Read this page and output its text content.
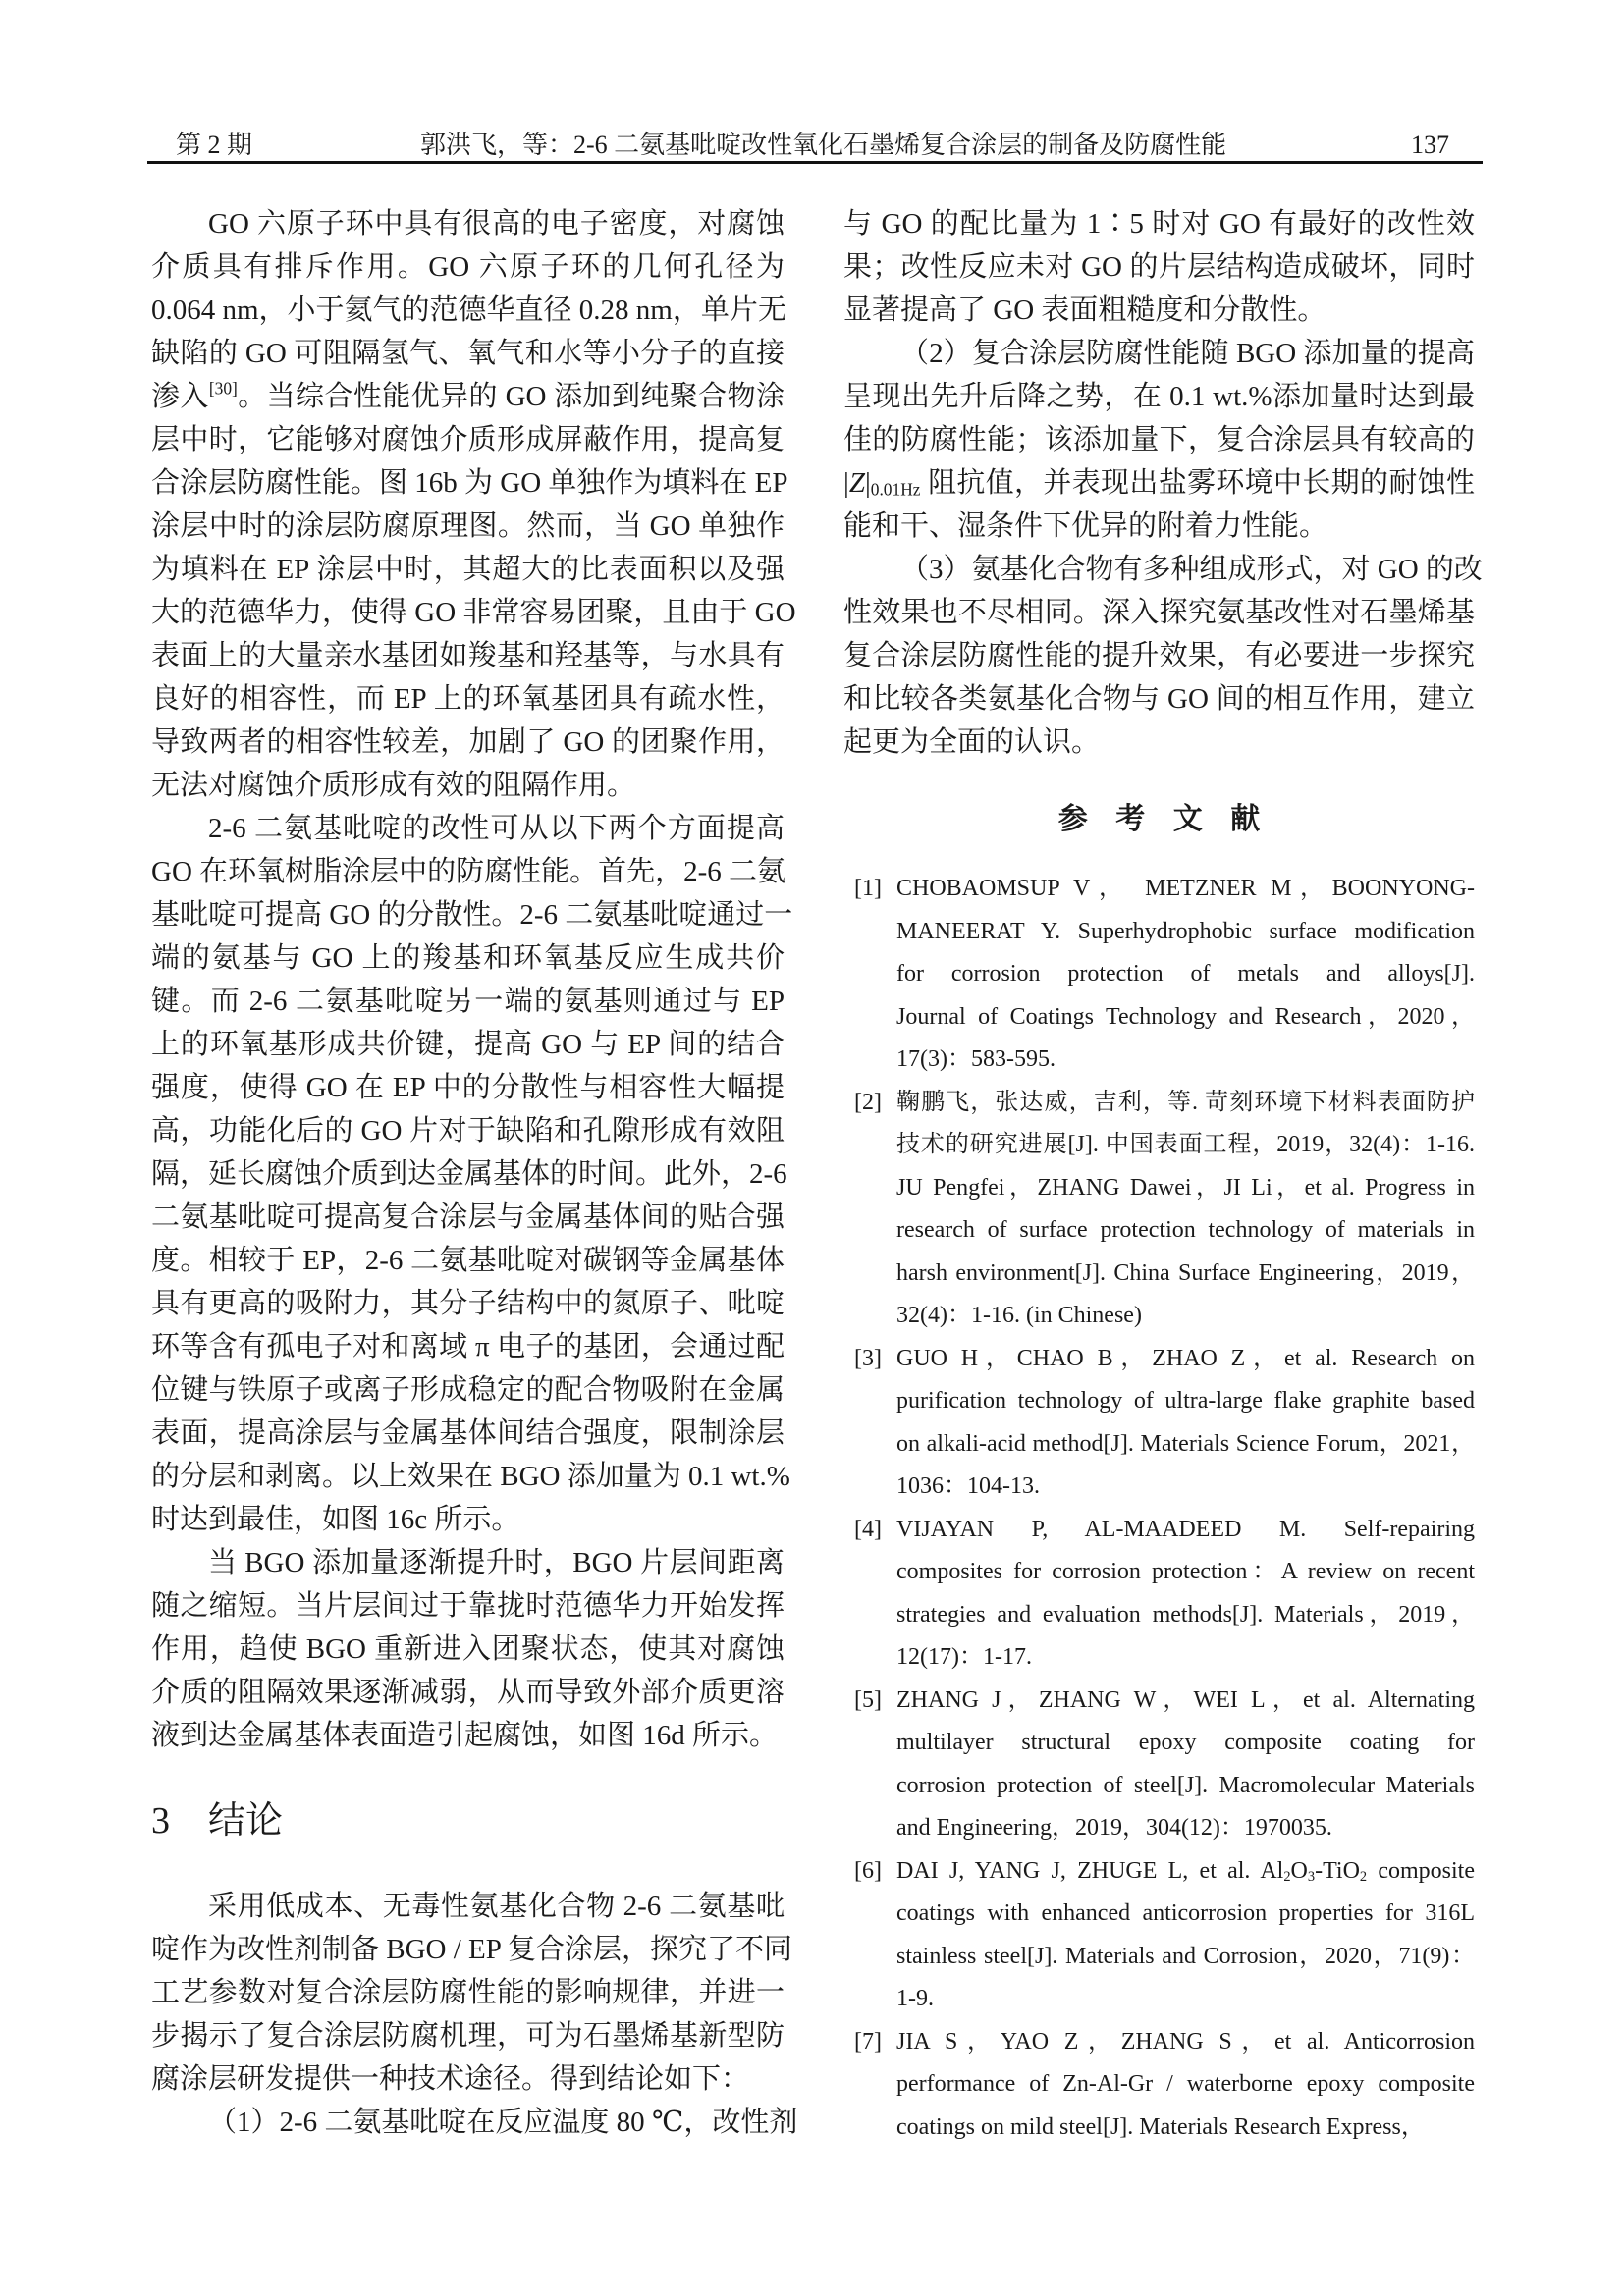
第 2 期	郭洪飞，等：2-6 二氨基吡啶改性氧化石墨烯复合涂层的制备及防腐性能	137
GO 六原子环中具有很高的电子密度，对腐蚀
介质具有排斥作用。GO 六原子环的几何孔径为
0.064 nm，小于氦气的范德华直径 0.28 nm，单片无
缺陷的 GO 可阻隔氢气、氧气和水等小分子的直接
渗入[30]。当综合性能优异的 GO 添加到纯聚合物涂
层中时，它能够对腐蚀介质形成屏蔽作用，提高复
合涂层防腐性能。图 16b 为 GO 单独作为填料在 EP
涂层中时的涂层防腐原理图。然而，当 GO 单独作
为填料在 EP 涂层中时，其超大的比表面积以及强
大的范德华力，使得 GO 非常容易团聚，且由于 GO
表面上的大量亲水基团如羧基和羟基等，与水具有
良好的相容性，而 EP 上的环氧基团具有疏水性，
导致两者的相容性较差，加剧了 GO 的团聚作用，
无法对腐蚀介质形成有效的阻隔作用。
2-6 二氨基吡啶的改性可从以下两个方面提高
GO 在环氧树脂涂层中的防腐性能。首先，2-6 二氨
基吡啶可提高 GO 的分散性。2-6 二氨基吡啶通过一
端的氨基与 GO 上的羧基和环氧基反应生成共价
键。而 2-6 二氨基吡啶另一端的氨基则通过与 EP
上的环氧基形成共价键，提高 GO 与 EP 间的结合
强度，使得 GO 在 EP 中的分散性与相容性大幅提
高，功能化后的 GO 片对于缺陷和孔隙形成有效阻
隔，延长腐蚀介质到达金属基体的时间。此外，2-6
二氨基吡啶可提高复合涂层与金属基体间的贴合强
度。相较于 EP，2-6 二氨基吡啶对碳钢等金属基体
具有更高的吸附力，其分子结构中的氮原子、吡啶
环等含有孤电子对和离域 π 电子的基团，会通过配
位键与铁原子或离子形成稳定的配合物吸附在金属
表面，提高涂层与金属基体间结合强度，限制涂层
的分层和剥离。以上效果在 BGO 添加量为 0.1 wt.%
时达到最佳，如图 16c 所示。
当 BGO 添加量逐渐提升时，BGO 片层间距离
随之缩短。当片层间过于靠拢时范德华力开始发挥
作用，趋使 BGO 重新进入团聚状态，使其对腐蚀
介质的阻隔效果逐渐减弱，从而导致外部介质更溶
液到达金属基体表面造引起腐蚀，如图 16d 所示。
3 结论
采用低成本、无毒性氨基化合物 2-6 二氨基吡
啶作为改性剂制备 BGO / EP 复合涂层，探究了不同
工艺参数对复合涂层防腐性能的影响规律，并进一
步揭示了复合涂层防腐机理，可为石墨烯基新型防
腐涂层研发提供一种技术途径。得到结论如下：
（1）2-6 二氨基吡啶在反应温度 80 ℃，改性剂
与 GO 的配比量为 1∶5 时对 GO 有最好的改性效
果；改性反应未对 GO 的片层结构造成破坏，同时
显著提高了 GO 表面粗糙度和分散性。
（2）复合涂层防腐性能随 BGO 添加量的提高
呈现出先升后降之势，在 0.1 wt.%添加量时达到最
佳的防腐性能；该添加量下，复合涂层具有较高的
$|Z|_{0.01Hz}$ 阻抗值，并表现出盐雾环境中长期的耐蚀性
能和干、湿条件下优异的附着力性能。
（3）氨基化合物有多种组成形式，对 GO 的改
性效果也不尽相同。深入探究氨基改性对石墨烯基
复合涂层防腐性能的提升效果，有必要进一步探究
和比较各类氨基化合物与 GO 间的相互作用，建立
起更为全面的认识。
参考文献
[1] CHOBAOMSUP V， METZNER M，BOONYONG-
MANEERAT Y. Superhydrophobic surface modification
for corrosion protection of metals and alloys[J].
Journal of Coatings Technology and Research，2020，
17(3)：583-595.
[2] 鞠鹏飞，张达威，吉利，等. 苛刻环境下材料表面防护
技术的研究进展[J]. 中国表面工程，2019，32(4)：1-16.
JU Pengfei，ZHANG Dawei，JI Li，et al. Progress in
research of surface protection technology of materials in
harsh environment[J]. China Surface Engineering，2019，
32(4)：1-16. (in Chinese)
[3] GUO H，CHAO B，ZHAO Z，et al. Research on
purification technology of ultra-large flake graphite based
on alkali-acid method[J]. Materials Science Forum，2021，
1036：104-13.
[4] VIJAYAN P, AL-MAADEED M. Self-repairing
composites for corrosion protection：A review on recent
strategies and evaluation methods[J]. Materials，2019，
12(17)：1-17.
[5] ZHANG J，ZHANG W，WEI L，et al. Alternating
multilayer structural epoxy composite coating for
corrosion protection of steel[J]. Macromolecular Materials
and Engineering，2019，304(12)：1970035.
[6] DAI J, YANG J, ZHUGE L, et al. $Al_2O_3-TiO_2$ composite
coatings with enhanced anticorrosion properties for 316L
stainless steel[J]. Materials and Corrosion，2020，71(9)：
1-9.
[7] JIA S，YAO Z，ZHANG S，et al. Anticorrosion
performance of Zn-Al-Gr / waterborne epoxy composite
coatings on mild steel[J]. Materials Research Express，
